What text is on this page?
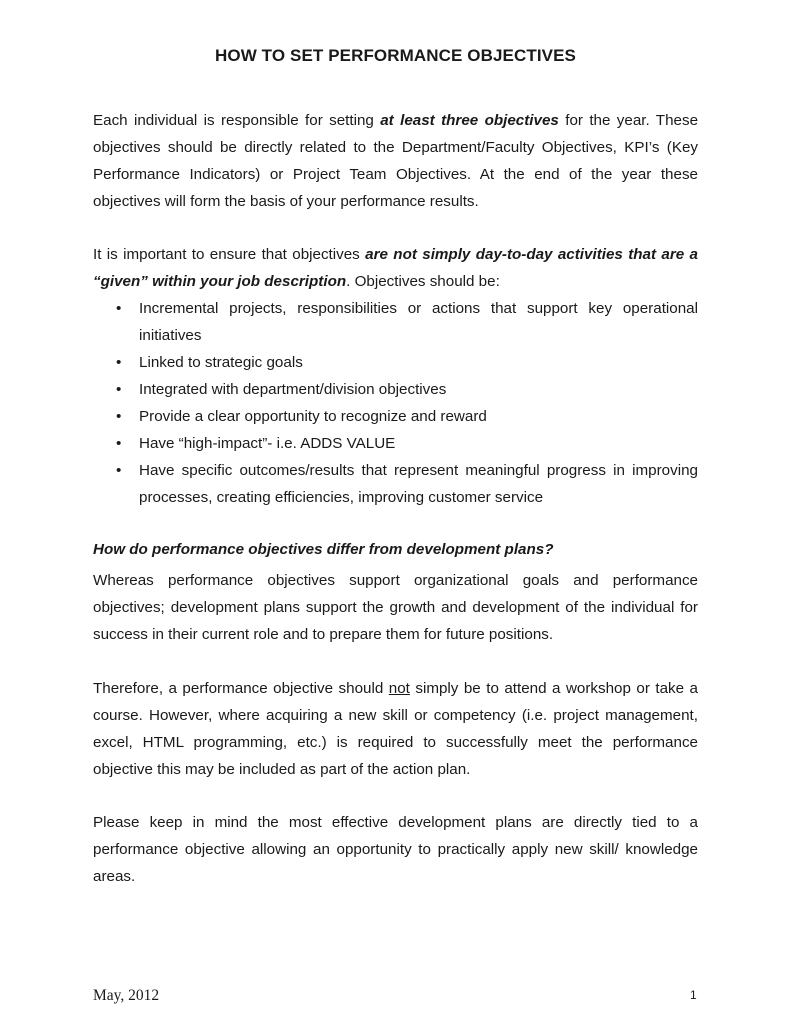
HOW TO SET PERFORMANCE OBJECTIVES
Each individual is responsible for setting at least three objectives for the year. These
objectives should be directly related to the Department/Faculty Objectives, KPI’s (Key
Performance Indicators) or Project Team Objectives. At the end of the year these
objectives will form the basis of your performance results.
It is important to ensure that objectives are not simply day-to-day activities that are a
“given” within your job description. Objectives should be:
• Incremental projects, responsibilities or actions that support key operational
initiatives
• Linked to strategic goals
• Integrated with department/division objectives
• Provide a clear opportunity to recognize and reward
• Have “high-impact”- i.e. ADDS VALUE
• Have specific outcomes/results that represent meaningful progress in improving
processes, creating efficiencies, improving customer service
How do performance objectives differ from development plans?
Whereas performance objectives support organizational goals and performance
objectives; development plans support the growth and development of the individual for
success in their current role and to prepare them for future positions.
Therefore, a performance objective should not simply be to attend a workshop or take a
course. However, where acquiring a new skill or competency (i.e. project management,
excel, HTML programming, etc.) is required to successfully meet the performance
objective this may be included as part of the action plan.
Please keep in mind the most effective development plans are directly tied to a
performance objective allowing an opportunity to practically apply new skill/ knowledge
areas.
May, 2012	1
